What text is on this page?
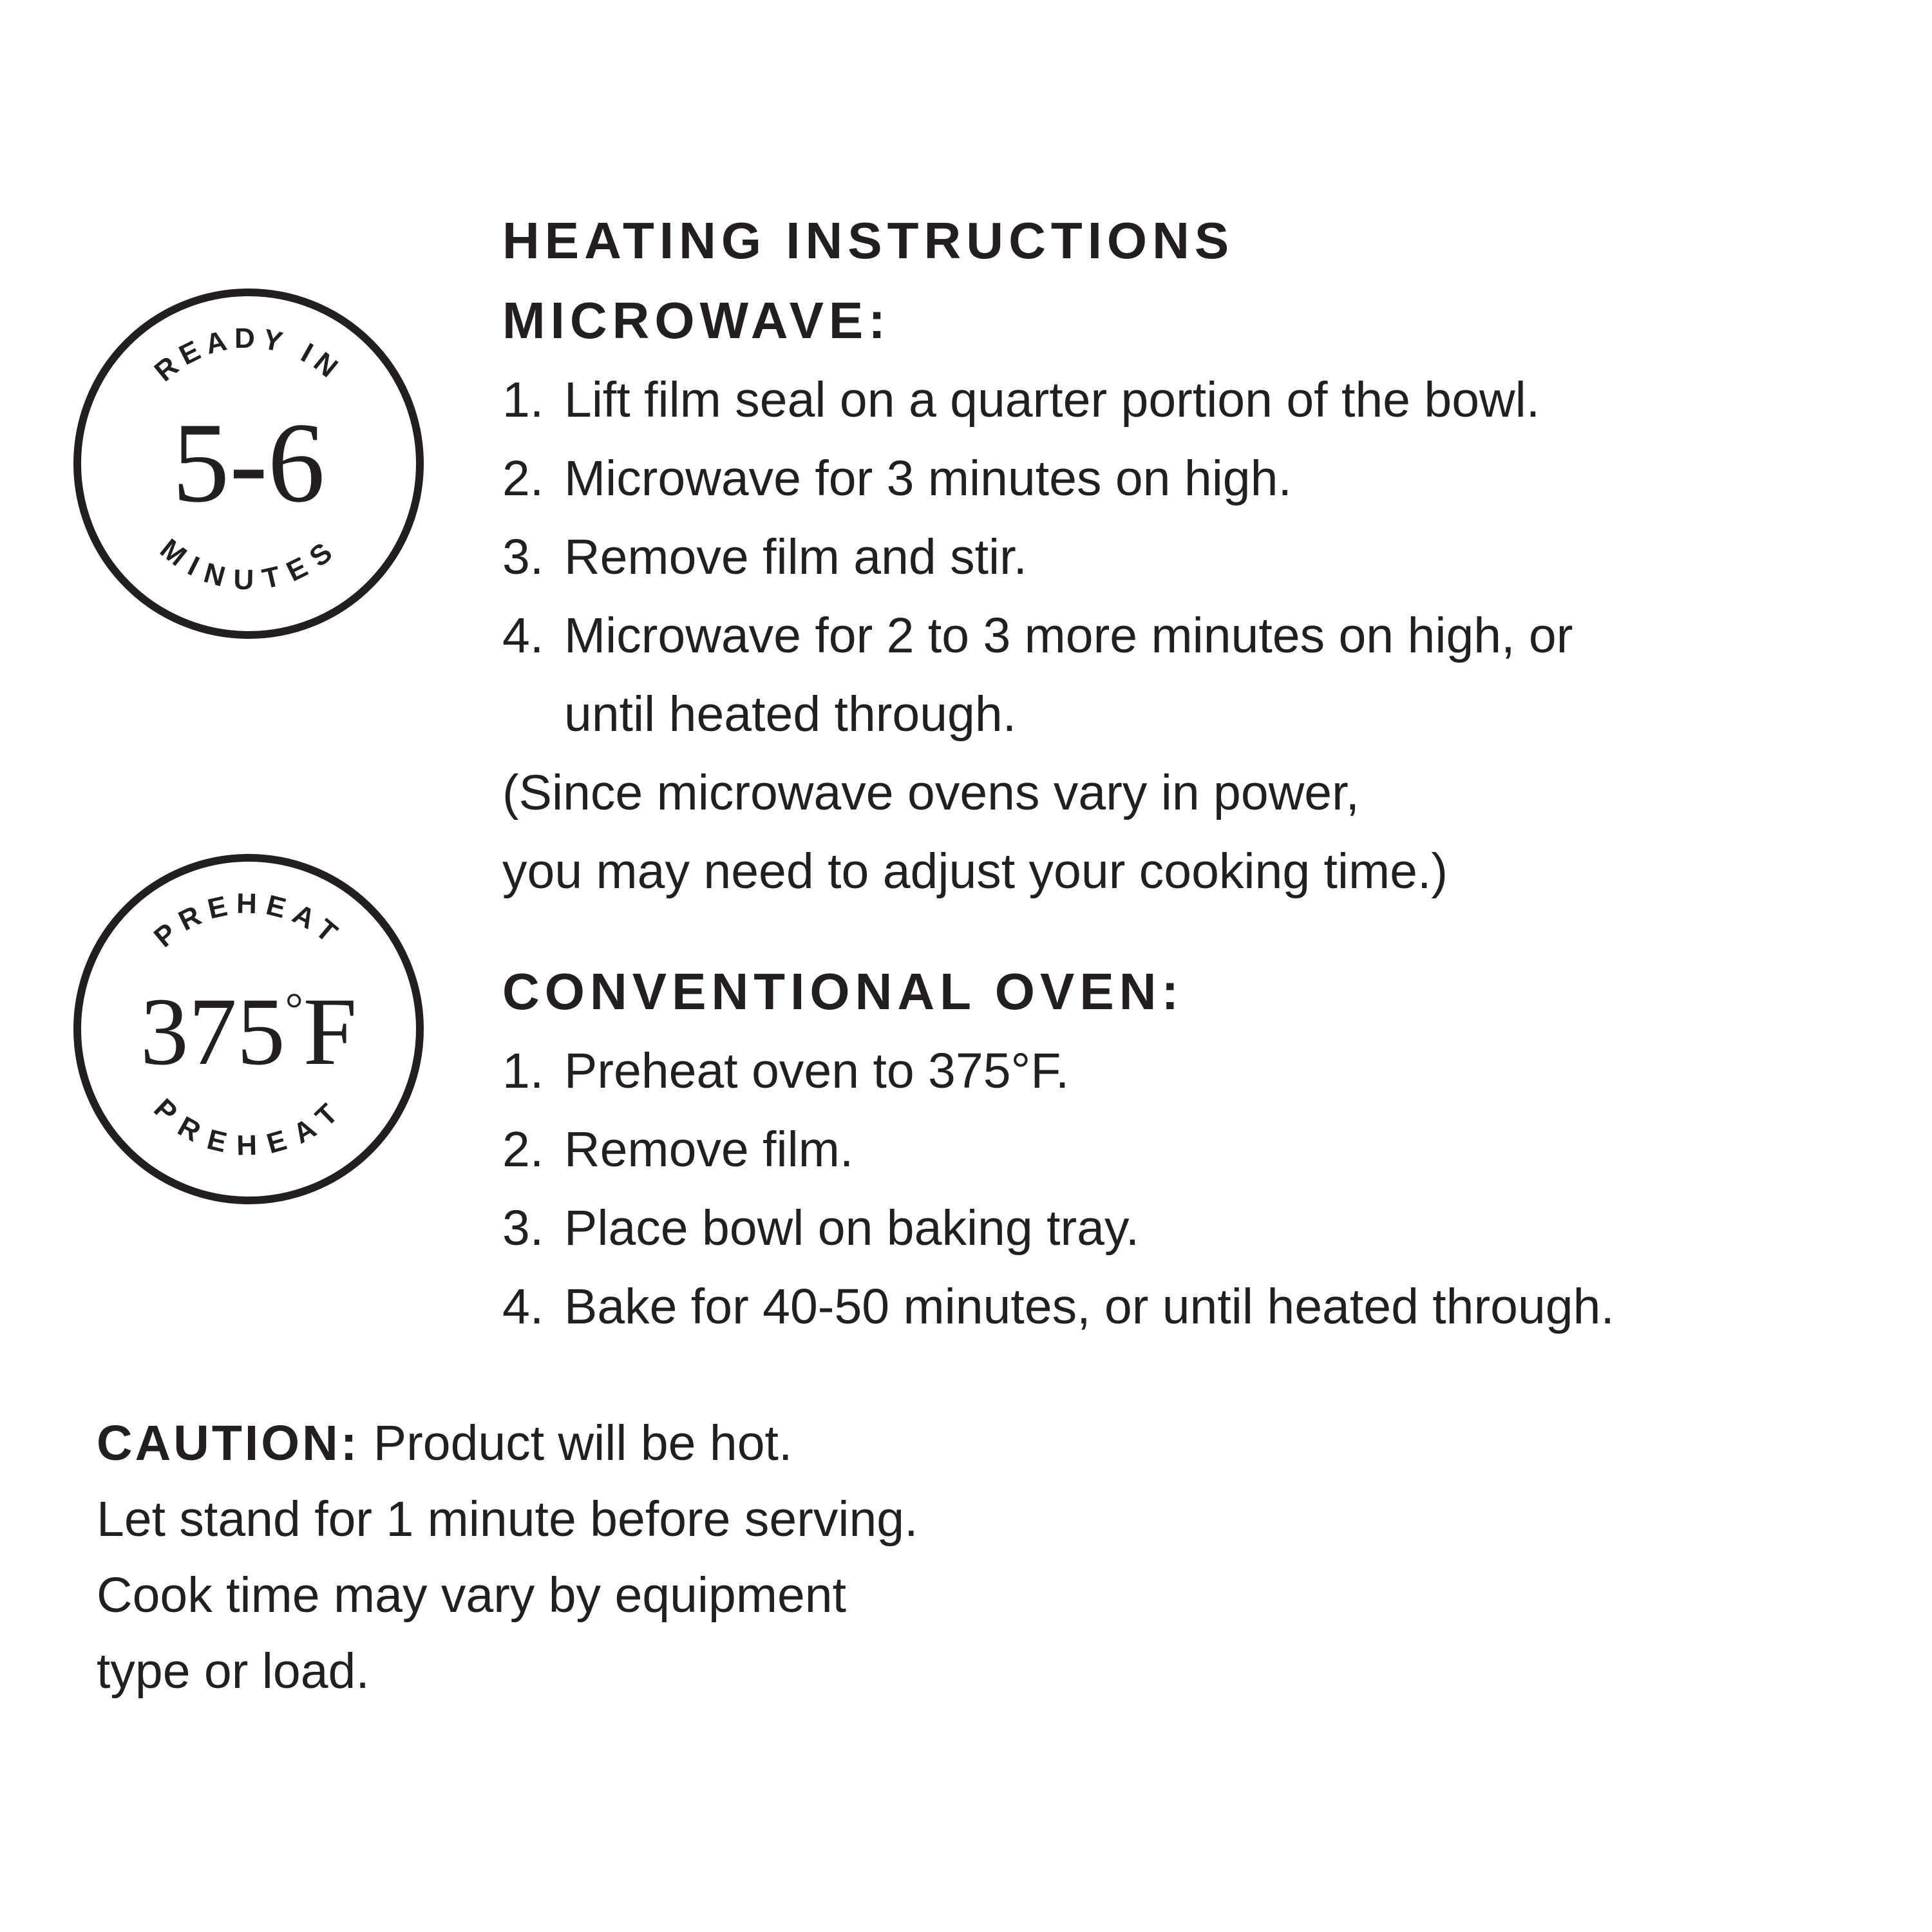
READY IN
5-6
MINUTES
PREHEAT
375°F
PREHEAT
HEATING INSTRUCTIONS
MICROWAVE:
1. Lift film seal on a quarter portion of the bowl.
2. Microwave for 3 minutes on high.
3. Remove film and stir.
4. Microwave for 2 to 3 more minutes on high, or
until heated through.
(Since microwave ovens vary in power,
you may need to adjust your cooking time.)
CONVENTIONAL OVEN:
1. Preheat oven to 375°F.
2. Remove film.
3. Place bowl on baking tray.
4. Bake for 40-50 minutes, or until heated through.
CAUTION: Product will be hot.
Let stand for 1 minute before serving.
Cook time may vary by equipment
type or load.
